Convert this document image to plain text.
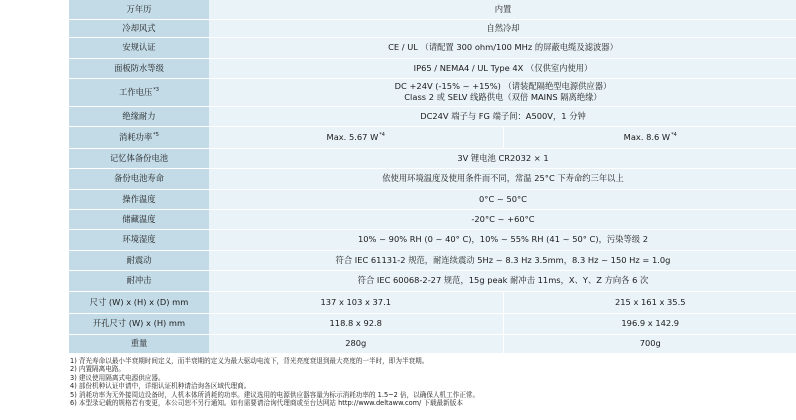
万年历	内置	

冷却风式	自然冷却	

安规认证	CE / UL （请配置 300 ohm/100 MHz 的屏蔽电缆及滤波器）	

面板防水等级	IP65 / NEMA4 / UL Type 4X （仅供室内使用）	

工作电压$^{*3}$	DC +24V (-15% ~ +15%) （请装配隔绝型电源供应器）
Class 2 或 SELV 线路供电（双倍 MAINS 隔离绝缘）	

绝缘耐力	DC24V 端子与 FG 端子间：A500V，1 分钟	

消耗功率$^{*5}$	Max. 5.67 $W^{*4}$	Max. 8.6 $W^{*4}$
记忆体备份电池	3V 锂电池 CR2032 × 1	

备份电池寿命	依使用环境温度及使用条件而不同，常温 25°C 下寿命约三年以上	

操作温度	0°C ~ 50°C	

储藏温度	-20°C ~ +60°C	

环境湿度	10% ~ 90% RH (0 ~ 40° C)，10% ~ 55% RH (41 ~ 50° C)，污染等级 2	

耐震动	符合 IEC 61131-2 规范，耐连续震动 5Hz ~ 8.3 Hz 3.5mm，8.3 Hz ~ 150 Hz = 1.0g	

耐冲击	符合 IEC 60068-2-27 规范，15g peak 耐冲击 11ms，X、Y、Z 方向各 6 次	

尺寸 (W) x (H) x (D) mm	137 x 103 x 37.1	215 x 161 x 35.5
开孔尺寸 (W) x (H) mm	118.8 x 92.8	196.9 x 142.9
重量	280g	700g
1) 背光寿命以最小半衰期时间定义，而半衰期的定义为最大驱动电流下，背光亮度衰退到最大亮度的一半时，即为半衰期。
2) 内置隔离电路。
3) 建议使用隔离式电源供应器。
4) 部份机种认证申请中，详细认证机种请洽询各区域代理商。
5) 消耗功率为无外接周边设备时，人机本体所消耗的功率。建议选用的电源供应器容量为标示消耗功率的 1.5~2 倍，以确保人机工作正常。
6) 本型录记载的规格若有变更，本公司恕不另行通知。如有需要请洽询代理商或至台达网站 http://www.deltaww.com/ 下载最新版本
